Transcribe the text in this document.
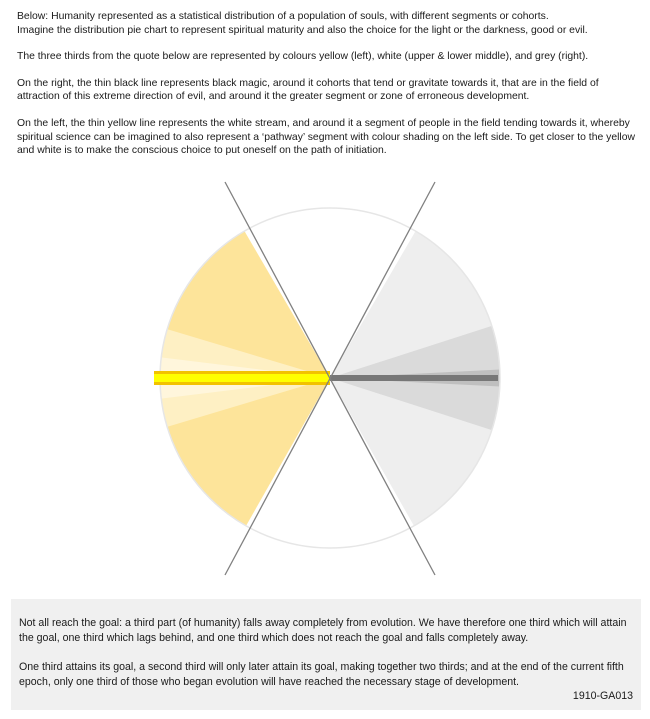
Below: Humanity represented as a statistical distribution of a population of souls, with different segments or cohorts.
Imagine the distribution pie chart to represent spiritual maturity and also the choice for the light or the darkness, good or evil.

The three thirds from the quote below are represented by colours yellow (left), white (upper & lower middle), and grey (right).

On the right, the thin black line represents black magic, around it cohorts that tend or gravitate towards it, that are in the field of attraction of this extreme direction of evil, and around it the greater segment or zone of erroneous development.

On the left, the thin yellow line represents the white stream, and around it a segment of people in the field tending towards it, whereby spiritual science can be imagined to also represent a ‘pathway’ segment with colour shading on the left side. To get closer to the yellow and white is to make the conscious choice to put oneself on the path of initiation.

Not all reach the goal: a third part (of humanity) falls away completely from evolution. We have therefore one third which will attain the goal, one third which lags behind, and one third which does not reach the goal and falls completely away.

One third attains its goal, a second third will only later attain its goal, making together two thirds; and at the end of the current fifth epoch, only one third of those who began evolution will have reached the necessary stage of development.

1910-GA013
